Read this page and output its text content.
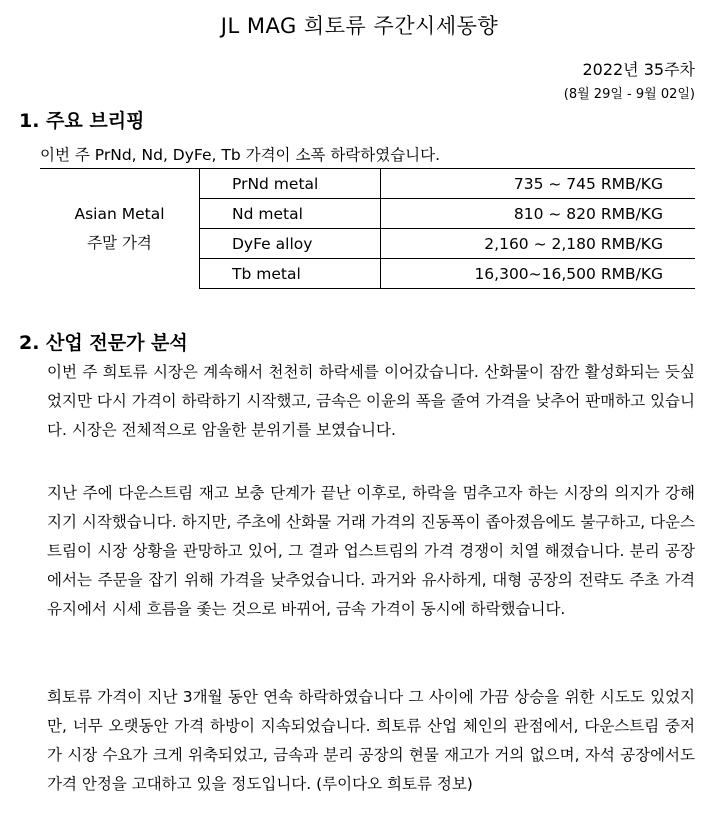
JL MAG 희토류 주간시세동향
2022년 35주차
(8월 29일 - 9월 02일)
1. 주요 브리핑
이번 주 PrNd, Nd, DyFe, Tb 가격이 소폭 하락하였습니다.
Asian Metal
주말 가격	PrNd metal	735 ~ 745 RMB/KG
	Nd metal	810 ~ 820 RMB/KG
	DyFe alloy	2,160 ~ 2,180 RMB/KG
	Tb metal	16,300~16,500 RMB/KG
2. 산업 전문가 분석
이번 주 희토류 시장은 계속해서 천천히 하락세를 이어갔습니다. 산화물이 잠깐 활성화되는 듯싶었지만 다시 가격이 하락하기 시작했고, 금속은 이윤의 폭을 줄여 가격을 낮추어 판매하고 있습니다. 시장은 전체적으로 암울한 분위기를 보였습니다.
지난 주에 다운스트림 재고 보충 단계가 끝난 이후로, 하락을 멈추고자 하는 시장의 의지가 강해지기 시작했습니다. 하지만, 주초에 산화물 거래 가격의 진동폭이 좁아졌음에도 불구하고, 다운스트림이 시장 상황을 관망하고 있어, 그 결과 업스트림의 가격 경쟁이 치열 해졌습니다. 분리 공장에서는 주문을 잡기 위해 가격을 낮추었습니다. 과거와 유사하게, 대형 공장의 전략도 주초 가격 유지에서 시세 흐름을 좇는 것으로 바뀌어, 금속 가격이 동시에 하락했습니다.
희토류 가격이 지난 3개월 동안 연속 하락하였습니다 그 사이에 가끔 상승을 위한 시도도 있었지만, 너무 오랫동안 가격 하방이 지속되었습니다. 희토류 산업 체인의 관점에서, 다운스트림 중저가 시장 수요가 크게 위축되었고, 금속과 분리 공장의 현물 재고가 거의 없으며, 자석 공장에서도 가격 안정을 고대하고 있을 정도입니다. (루이다오 희토류 정보)
